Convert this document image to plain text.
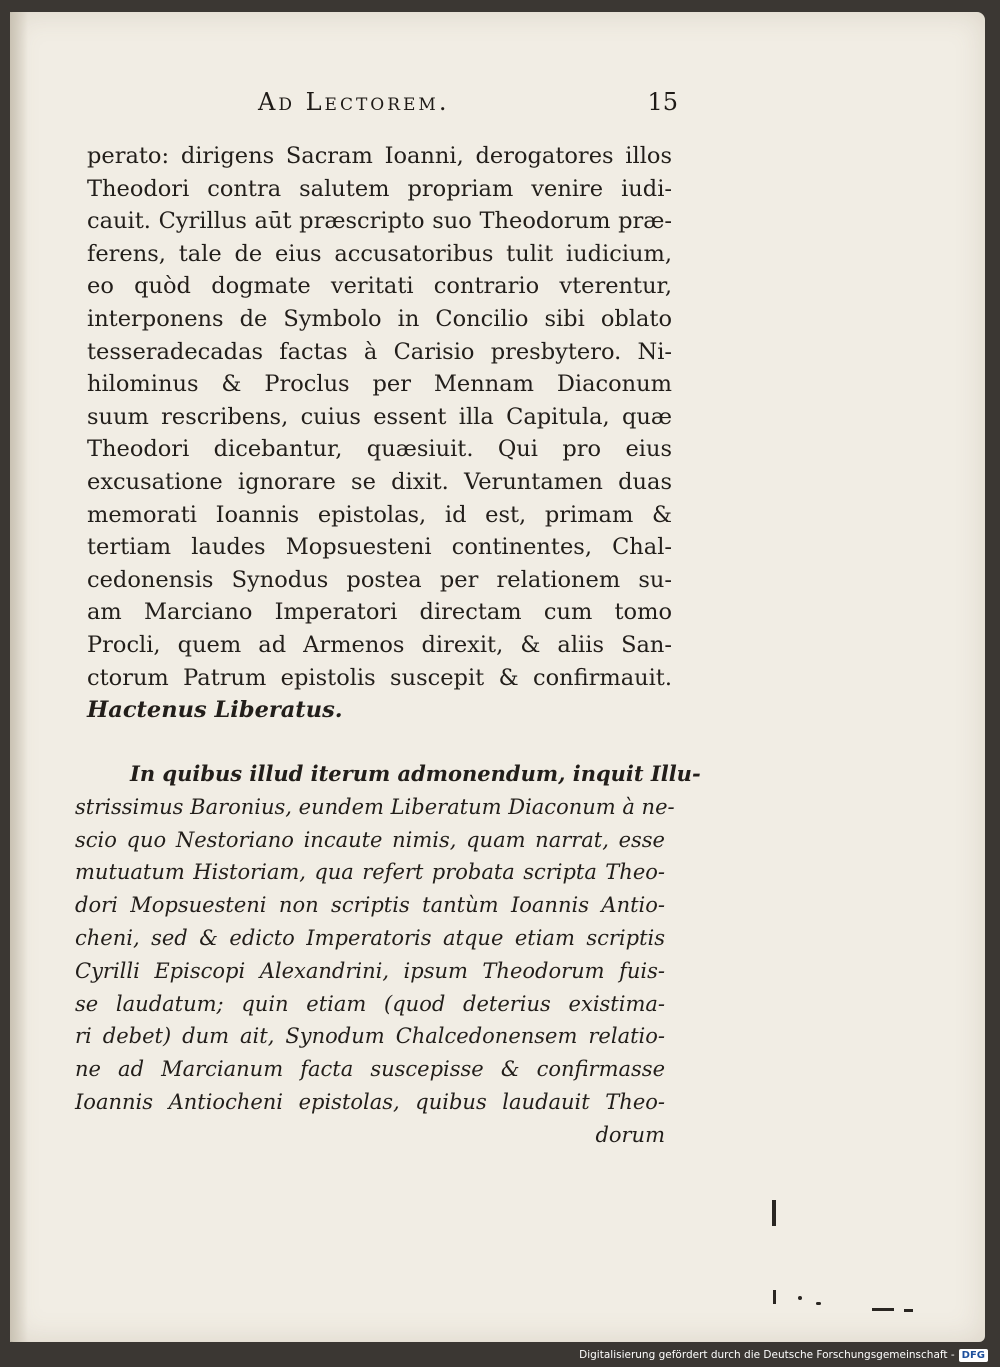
Ad Lectorem.	15
perato: dirigens Sacram Ioanni, derogatores illos
Theodori contra salutem propriam venire iudi-
cauit. Cyrillus aūt præscripto suo Theodorum præ-
ferens, tale de eius accusatoribus tulit iudicium,
eo quòd dogmate veritati contrario vterentur,
interponens de Symbolo in Concilio sibi oblato
tesseradecadas factas à Carisio presbytero. Ni-
hilominus & Proclus per Mennam Diaconum
suum rescribens, cuius essent illa Capitula, quæ
Theodori dicebantur, quæsiuit. Qui pro eius
excusatione ignorare se dixit. Veruntamen duas
memorati Ioannis epistolas, id est, primam &
tertiam laudes Mopsuesteni continentes, Chal-
cedonensis Synodus postea per relationem su-
am Marciano Imperatori directam cum tomo
Procli, quem ad Armenos direxit, & aliis San-
ctorum Patrum epistolis suscepit & confirmauit.
Hactenus Liberatus.
In quibus illud iterum admonendum, inquit Illu-
strissimus Baronius, eundem Liberatum Diaconum à ne-
scio quo Nestoriano incaute nimis, quam narrat, esse
mutuatum Historiam, qua refert probata scripta Theo-
dori Mopsuesteni non scriptis tantùm Ioannis Antio-
cheni, sed & edicto Imperatoris atque etiam scriptis
Cyrilli Episcopi Alexandrini, ipsum Theodorum fuis-
se laudatum; quin etiam (quod deterius existima-
ri debet) dum ait, Synodum Chalcedonensem relatio-
ne ad Marcianum facta suscepisse & confirmasse
Ioannis Antiocheni epistolas, quibus laudauit Theo-
dorum
Digitalisierung gefördert durch die Deutsche Forschungsgemeinschaft - DFG
